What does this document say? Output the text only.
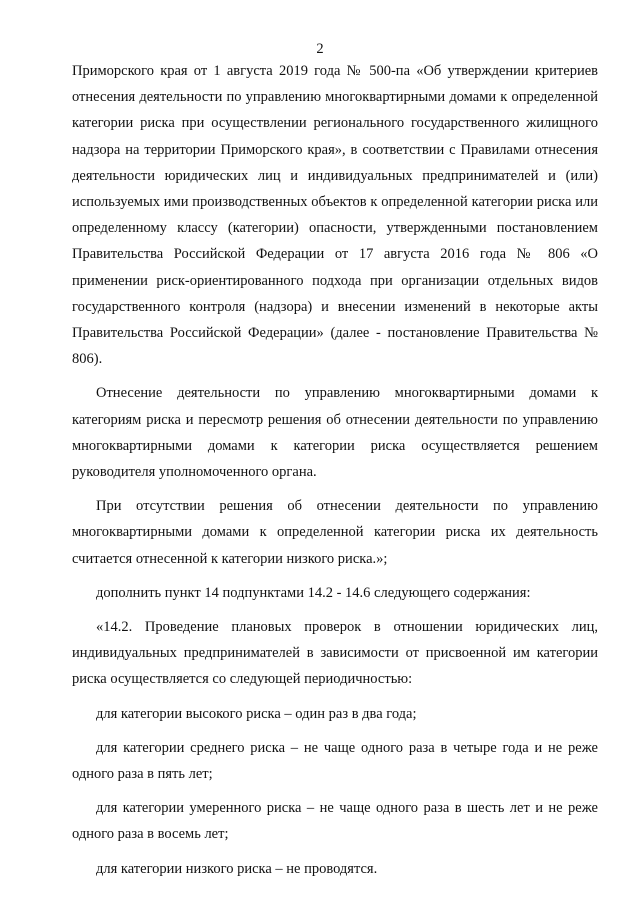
2

Приморского края от 1 августа 2019 года № 500-па «Об утверждении критериев отнесения деятельности по управлению многоквартирными домами к определенной категории риска при осуществлении регионального государственного жилищного надзора на территории Приморского края», в соответствии с Правилами отнесения деятельности юридических лиц и индивидуальных предпринимателей и (или) используемых ими производственных объектов к определенной категории риска или определенному классу (категории) опасности, утвержденными постановлением Правительства Российской Федерации от 17 августа 2016 года № 806 «О применении риск-ориентированного подхода при организации отдельных видов государственного контроля (надзора) и внесении изменений в некоторые акты Правительства Российской Федерации» (далее - постановление Правительства № 806).

Отнесение деятельности по управлению многоквартирными домами к категориям риска и пересмотр решения об отнесении деятельности по управлению многоквартирными домами к категории риска осуществляется решением руководителя уполномоченного органа.

При отсутствии решения об отнесении деятельности по управлению многоквартирными домами к определенной категории риска их деятельность считается отнесенной к категории низкого риска.»;

дополнить пункт 14 подпунктами 14.2 - 14.6 следующего содержания:

«14.2. Проведение плановых проверок в отношении юридических лиц, индивидуальных предпринимателей в зависимости от присвоенной им категории риска осуществляется со следующей периодичностью:

для категории высокого риска – один раз в два года;

для категории среднего риска – не чаще одного раза в четыре года и не реже одного раза в пять лет;

для категории умеренного риска – не чаще одного раза в шесть лет и не реже одного раза в восемь лет;

для категории низкого риска – не проводятся.
